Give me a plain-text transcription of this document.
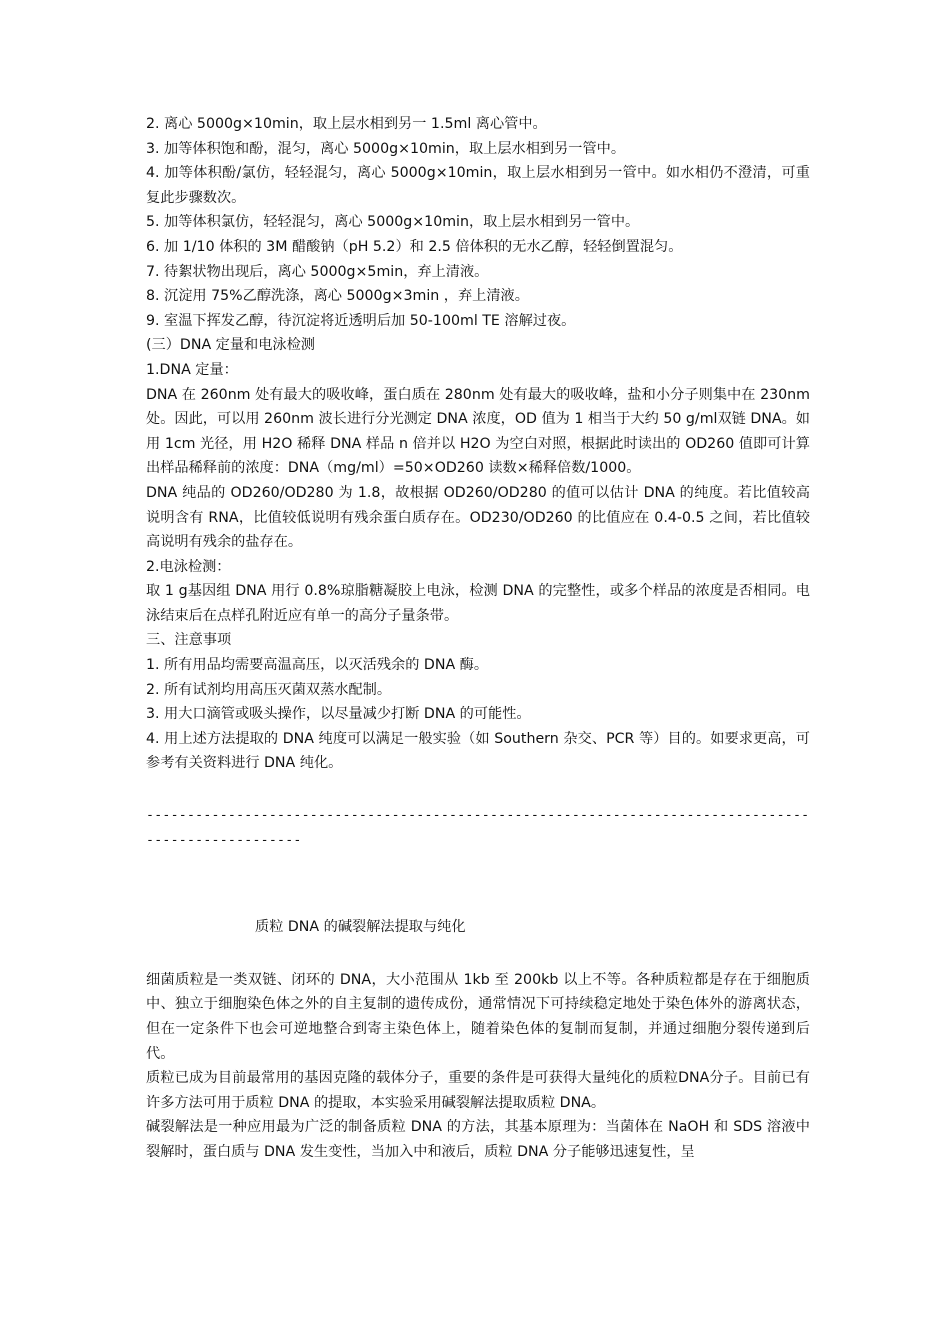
2. 离心 5000g×10min，取上层水相到另一 1.5ml 离心管中。
3. 加等体积饱和酚，混匀，离心 5000g×10min，取上层水相到另一管中。
4. 加等体积酚/氯仿，轻轻混匀，离心 5000g×10min，取上层水相到另一管中。如水相仍不澄清，可重复此步骤数次。
5. 加等体积氯仿，轻轻混匀，离心 5000g×10min，取上层水相到另一管中。
6. 加 1/10 体积的 3M 醋酸钠（pH 5.2）和 2.5 倍体积的无水乙醇，轻轻倒置混匀。
7. 待絮状物出现后，离心 5000g×5min，弃上清液。
8. 沉淀用 75%乙醇洗涤，离心 5000g×3min ，弃上清液。
9. 室温下挥发乙醇，待沉淀将近透明后加 50-100ml TE 溶解过夜。
(三）DNA 定量和电泳检测
1.DNA 定量：
DNA 在 260nm 处有最大的吸收峰，蛋白质在 280nm 处有最大的吸收峰，盐和小分子则集中在 230nm 处。因此，可以用 260nm 波长进行分光测定 DNA 浓度，OD 值为 1 相当于大约 50 g/ml双链 DNA。如用 1cm 光径，用 H2O 稀释 DNA 样品 n 倍并以 H2O 为空白对照，根据此时读出的 OD260 值即可计算出样品稀释前的浓度：DNA（mg/ml）=50×OD260 读数×稀释倍数/1000。
DNA 纯品的 OD260/OD280 为 1.8，故根据 OD260/OD280 的值可以估计 DNA 的纯度。若比值较高说明含有 RNA，比值较低说明有残余蛋白质存在。OD230/OD260 的比值应在 0.4-0.5 之间，若比值较高说明有残余的盐存在。
2.电泳检测：
取 1 g基因组 DNA 用行 0.8%琼脂糖凝胶上电泳，检测 DNA 的完整性，或多个样品的浓度是否相同。电泳结束后在点样孔附近应有单一的高分子量条带。
三、注意事项
1. 所有用品均需要高温高压，以灭活残余的 DNA 酶。
2. 所有试剂均用高压灭菌双蒸水配制。
3. 用大口滴管或吸头操作，以尽量减少打断 DNA 的可能性。
4. 用上述方法提取的 DNA 纯度可以满足一般实验（如 Southern 杂交、PCR 等）目的。如要求更高，可参考有关资料进行 DNA 纯化。
----------------------------------------------------------------------------------------------------
质粒 DNA 的碱裂解法提取与纯化
细菌质粒是一类双链、闭环的 DNA，大小范围从 1kb 至 200kb 以上不等。各种质粒都是存在于细胞质中、独立于细胞染色体之外的自主复制的遗传成份，通常情况下可持续稳定地处于染色体外的游离状态，但在一定条件下也会可逆地整合到寄主染色体上，随着染色体的复制而复制，并通过细胞分裂传递到后代。
质粒已成为目前最常用的基因克隆的载体分子，重要的条件是可获得大量纯化的质粒DNA分子。目前已有许多方法可用于质粒 DNA 的提取，本实验采用碱裂解法提取质粒 DNA。
碱裂解法是一种应用最为广泛的制备质粒 DNA 的方法，其基本原理为：当菌体在 NaOH 和 SDS 溶液中裂解时，蛋白质与 DNA 发生变性，当加入中和液后，质粒 DNA 分子能够迅速复性，呈
